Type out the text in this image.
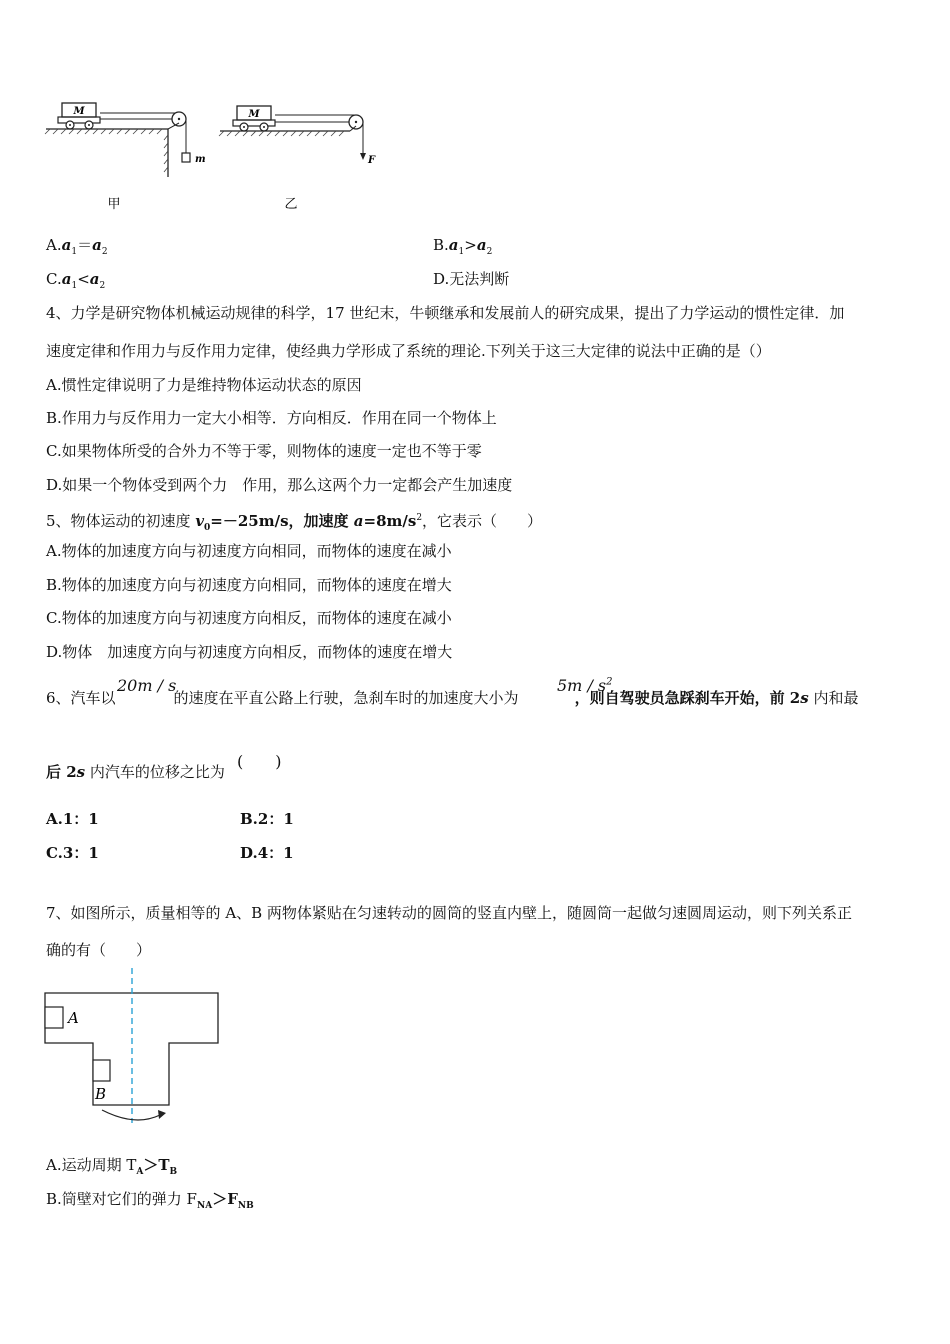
M
m
甲
M
F
乙
$A.a_1=a_2$	$B.a_1>a_2$
$C.a_1<a_2$	D.无法判断
4、力学是研究物体机械运动规律的科学，17 世纪末，牛顿继承和发展前人的研究成果，提出了力学运动的惯性定律．加
速度定律和作用力与反作用力定律，使经典力学形成了系统的理论.下列关于这三大定律的说法中正确的是（）
A.惯性定律说明了力是维持物体运动状态的原因
B.作用力与反作用力一定大小相等．方向相反．作用在同一个物体上
C.如果物体所受的合外力不等于零，则物体的速度一定也不等于零
D.如果一个物体受到两个力　作用，那么这两个力一定都会产生加速度
5、物体运动的初速度 $v_0=-25m/s$，加速度 $a=8m/s^2$，它表示（　　）
A.物体的加速度方向与初速度方向相同，而物体的速度在减小
B.物体的加速度方向与初速度方向相同，而物体的速度在增大
C.物体的加速度方向与初速度方向相反，而物体的速度在减小
D.物体　加速度方向与初速度方向相反，而物体的速度在增大
6、汽车以	的速度在平直公路上行驶，急刹车时的加速度大小为	，则自驾驶员急踩刹车开始，前 2s 内和最
20m / s	$5m / s^2$
后 2s 内汽车的位移之比为
(　　)
A.1：1	B.2：1
C.3：1	D.4：1
7、如图所示，质量相等的 A、B 两物体紧贴在匀速转动的圆筒的竖直内壁上，随圆筒一起做匀速圆周运动，则下列关系正
确的有（　　）
A
B
A.运动周期 $T_A>T_B$
B.筒壁对它们的弹力 $F_{NA}>F_{NB}$
